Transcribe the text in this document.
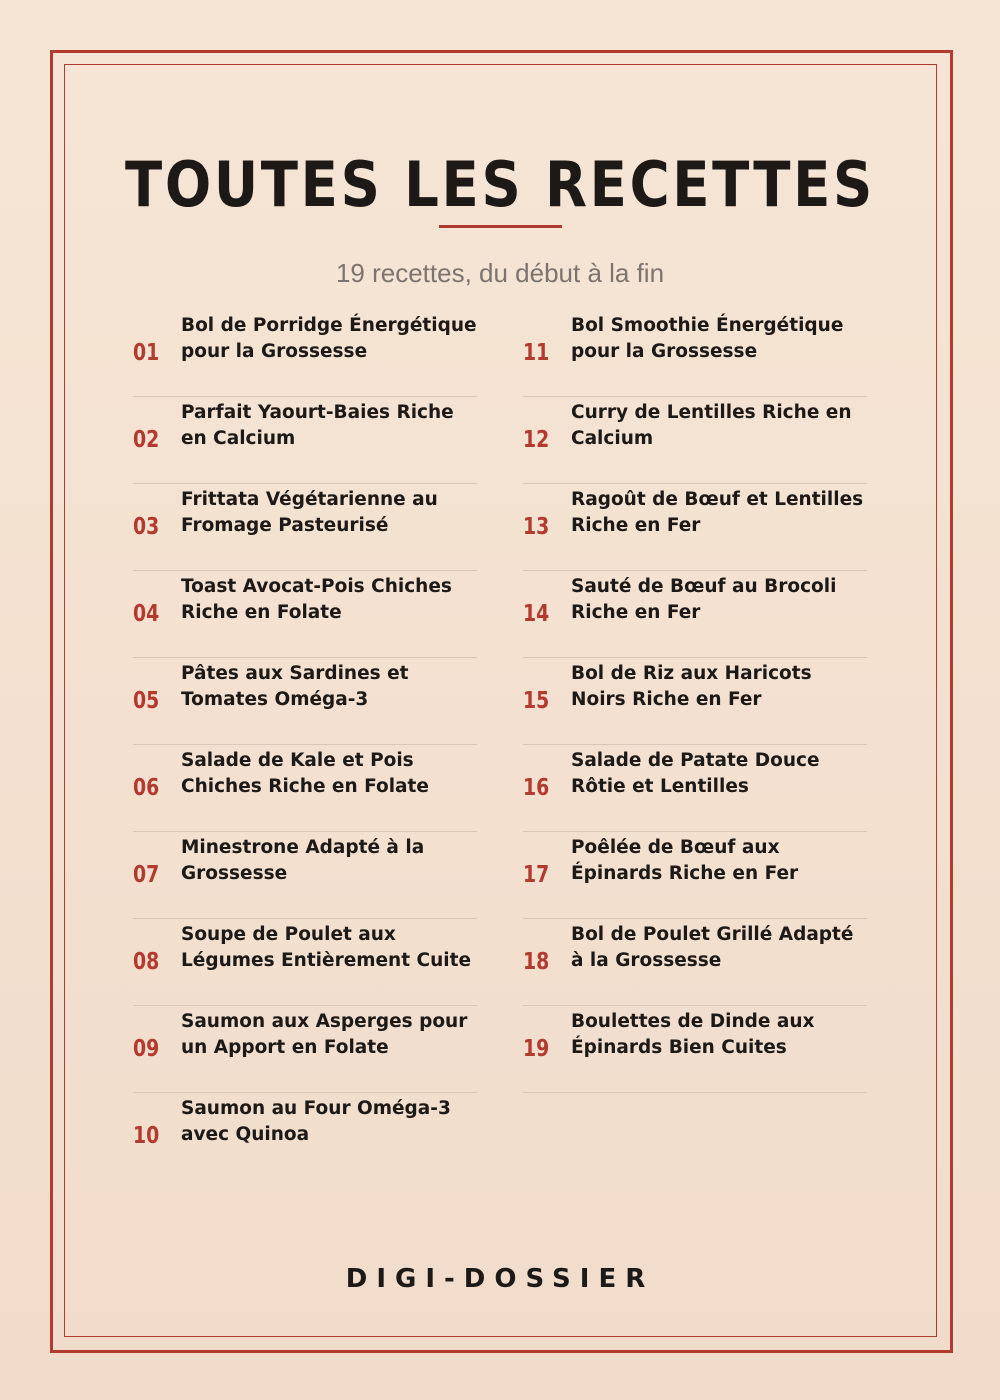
TOUTES LES RECETTES
19 recettes, du début à la fin
01
Bol de Porridge Énergétique pour la Grossesse
02
Parfait Yaourt-Baies Riche en Calcium
03
Frittata Végétarienne au Fromage Pasteurisé
04
Toast Avocat-Pois Chiches Riche en Folate
05
Pâtes aux Sardines et Tomates Oméga-3
06
Salade de Kale et Pois Chiches Riche en Folate
07
Minestrone Adapté à la Grossesse
08
Soupe de Poulet aux Légumes Entièrement Cuite
09
Saumon aux Asperges pour un Apport en Folate
10
Saumon au Four Oméga-3 avec Quinoa
11
Bol Smoothie Énergétique pour la Grossesse
12
Curry de Lentilles Riche en Calcium
13
Ragoût de Bœuf et Lentilles Riche en Fer
14
Sauté de Bœuf au Brocoli Riche en Fer
15
Bol de Riz aux Haricots Noirs Riche en Fer
16
Salade de Patate Douce Rôtie et Lentilles
17
Poêlée de Bœuf aux Épinards Riche en Fer
18
Bol de Poulet Grillé Adapté à la Grossesse
19
Boulettes de Dinde aux Épinards Bien Cuites
DIGI-DOSSIER
